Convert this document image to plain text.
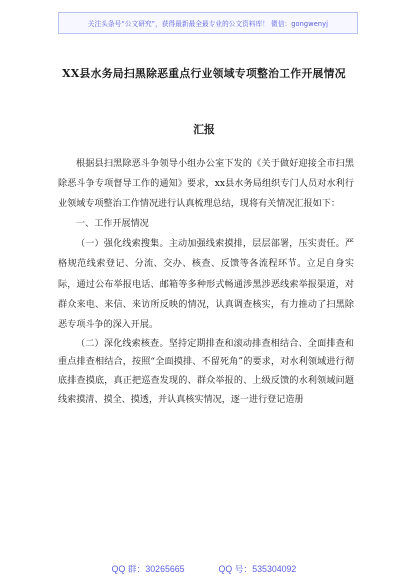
关注头条号“公文研究”，获得最新最全最专业的公文资料库！ 微信：gongwenyj
XX县水务局扫黑除恶重点行业领域专项整治工作开展情况
汇报

根据县扫黑除恶斗争领导小组办公室下发的《关于做好迎接全市扫黑除恶斗争专项督导工作的通知》要求，xx县水务局组织专门人员对水利行业领域专项整治工作情况进行认真梳理总结，现将有关情况汇报如下：

一、工作开展情况

（一）强化线索搜集。主动加强线索摸排，层层部署，压实责任。严格规范线索登记、分流、交办、核查、反馈等各流程环节。立足自身实际，通过公布举报电话、邮箱等多种形式畅通涉黑涉恶线索举报渠道，对群众来电、来信、来访所反映的情况，认真调查核实，有力推动了扫黑除恶专项斗争的深入开展。

（二）深化线索核查。坚持定期排查和滚动排查相结合、全面排查和重点排查相结合，按照“全面摸排、不留死角”的要求，对水利领域进行彻底排查摸底，真正把巡查发现的、群众举报的、上级反馈的水利领域问题线索摸清、摸全、摸透，并认真核实情况，逐一进行登记造册

QQ 群：30265665	QQ 号：535304092
